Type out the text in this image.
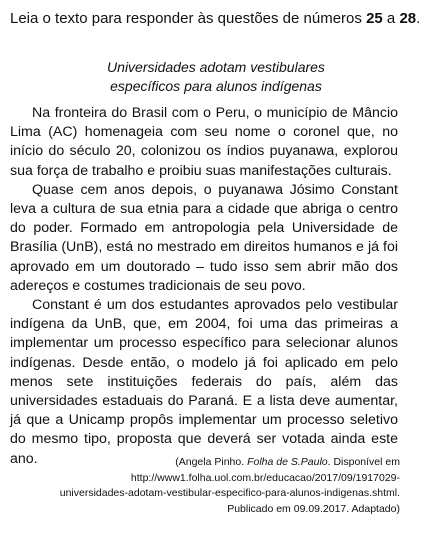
Leia o texto para responder às questões de números 25 a 28.
Universidades adotam vestibulares
específicos para alunos indígenas

Na fronteira do Brasil com o Peru, o município de Mâncio Lima (AC) homenageia com seu nome o coronel que, no início do século 20, colonizou os índios puyanawa, explorou sua força de trabalho e proibiu suas manifestações culturais.

Quase cem anos depois, o puyanawa Jósimo Constant leva a cultura de sua etnia para a cidade que abriga o centro do poder. Formado em antropologia pela Universidade de Brasília (UnB), está no mestrado em direitos humanos e já foi aprovado em um doutorado – tudo isso sem abrir mão dos adereços e costumes tradicionais de seu povo.

Constant é um dos estudantes aprovados pelo vestibular indígena da UnB, que, em 2004, foi uma das primeiras a implementar um processo específico para selecionar alunos indígenas. Desde então, o modelo já foi aplicado em pelo menos sete instituições federais do país, além das universidades estaduais do Paraná. E a lista deve aumentar, já que a Unicamp propôs implementar um processo seletivo do mesmo tipo, proposta que deverá ser votada ainda este ano.	(Angela Pinho. Folha de S.Paulo. Disponível em
http://www1.folha.uol.com.br/educacao/2017/09/1917029-
universidades-adotam-vestibular-especifico-para-alunos-indigenas.shtml.
Publicado em 09.09.2017. Adaptado)
